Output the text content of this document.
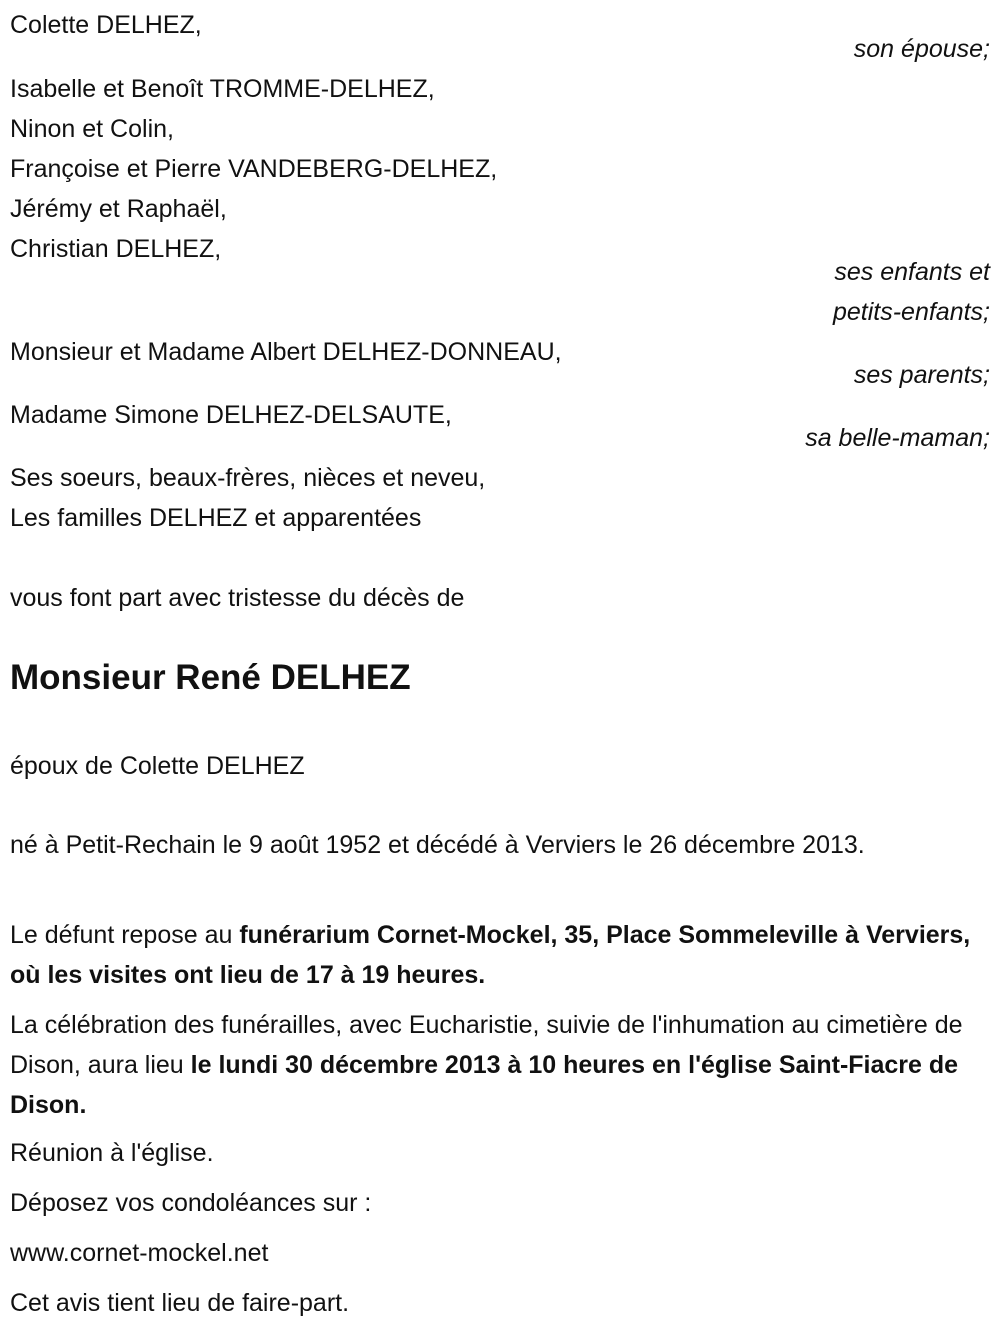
Colette DELHEZ,
son épouse;
Isabelle et Benoît TROMME-DELHEZ,
Ninon et Colin,
Françoise et Pierre VANDEBERG-DELHEZ,
Jérémy et Raphaël,
Christian DELHEZ,
ses enfants et
petits-enfants;
Monsieur et Madame Albert DELHEZ-DONNEAU,
ses parents;
Madame Simone DELHEZ-DELSAUTE,
sa belle-maman;
Ses soeurs, beaux-frères, nièces et neveu,
Les familles DELHEZ et apparentées
vous font part avec tristesse du décès de
Monsieur René DELHEZ
époux de Colette DELHEZ
né à Petit-Rechain le 9 août 1952 et décédé à Verviers le 26 décembre 2013.
Le défunt repose au funérarium Cornet-Mockel, 35, Place Sommeleville à Verviers, où les visites ont lieu de 17 à 19 heures.
La célébration des funérailles, avec Eucharistie, suivie de l'inhumation au cimetière de Dison, aura lieu le lundi 30 décembre 2013 à 10 heures en l'église Saint-Fiacre de Dison.
Réunion à l'église.
Déposez vos condoléances sur :
www.cornet-mockel.net
Cet avis tient lieu de faire-part.
